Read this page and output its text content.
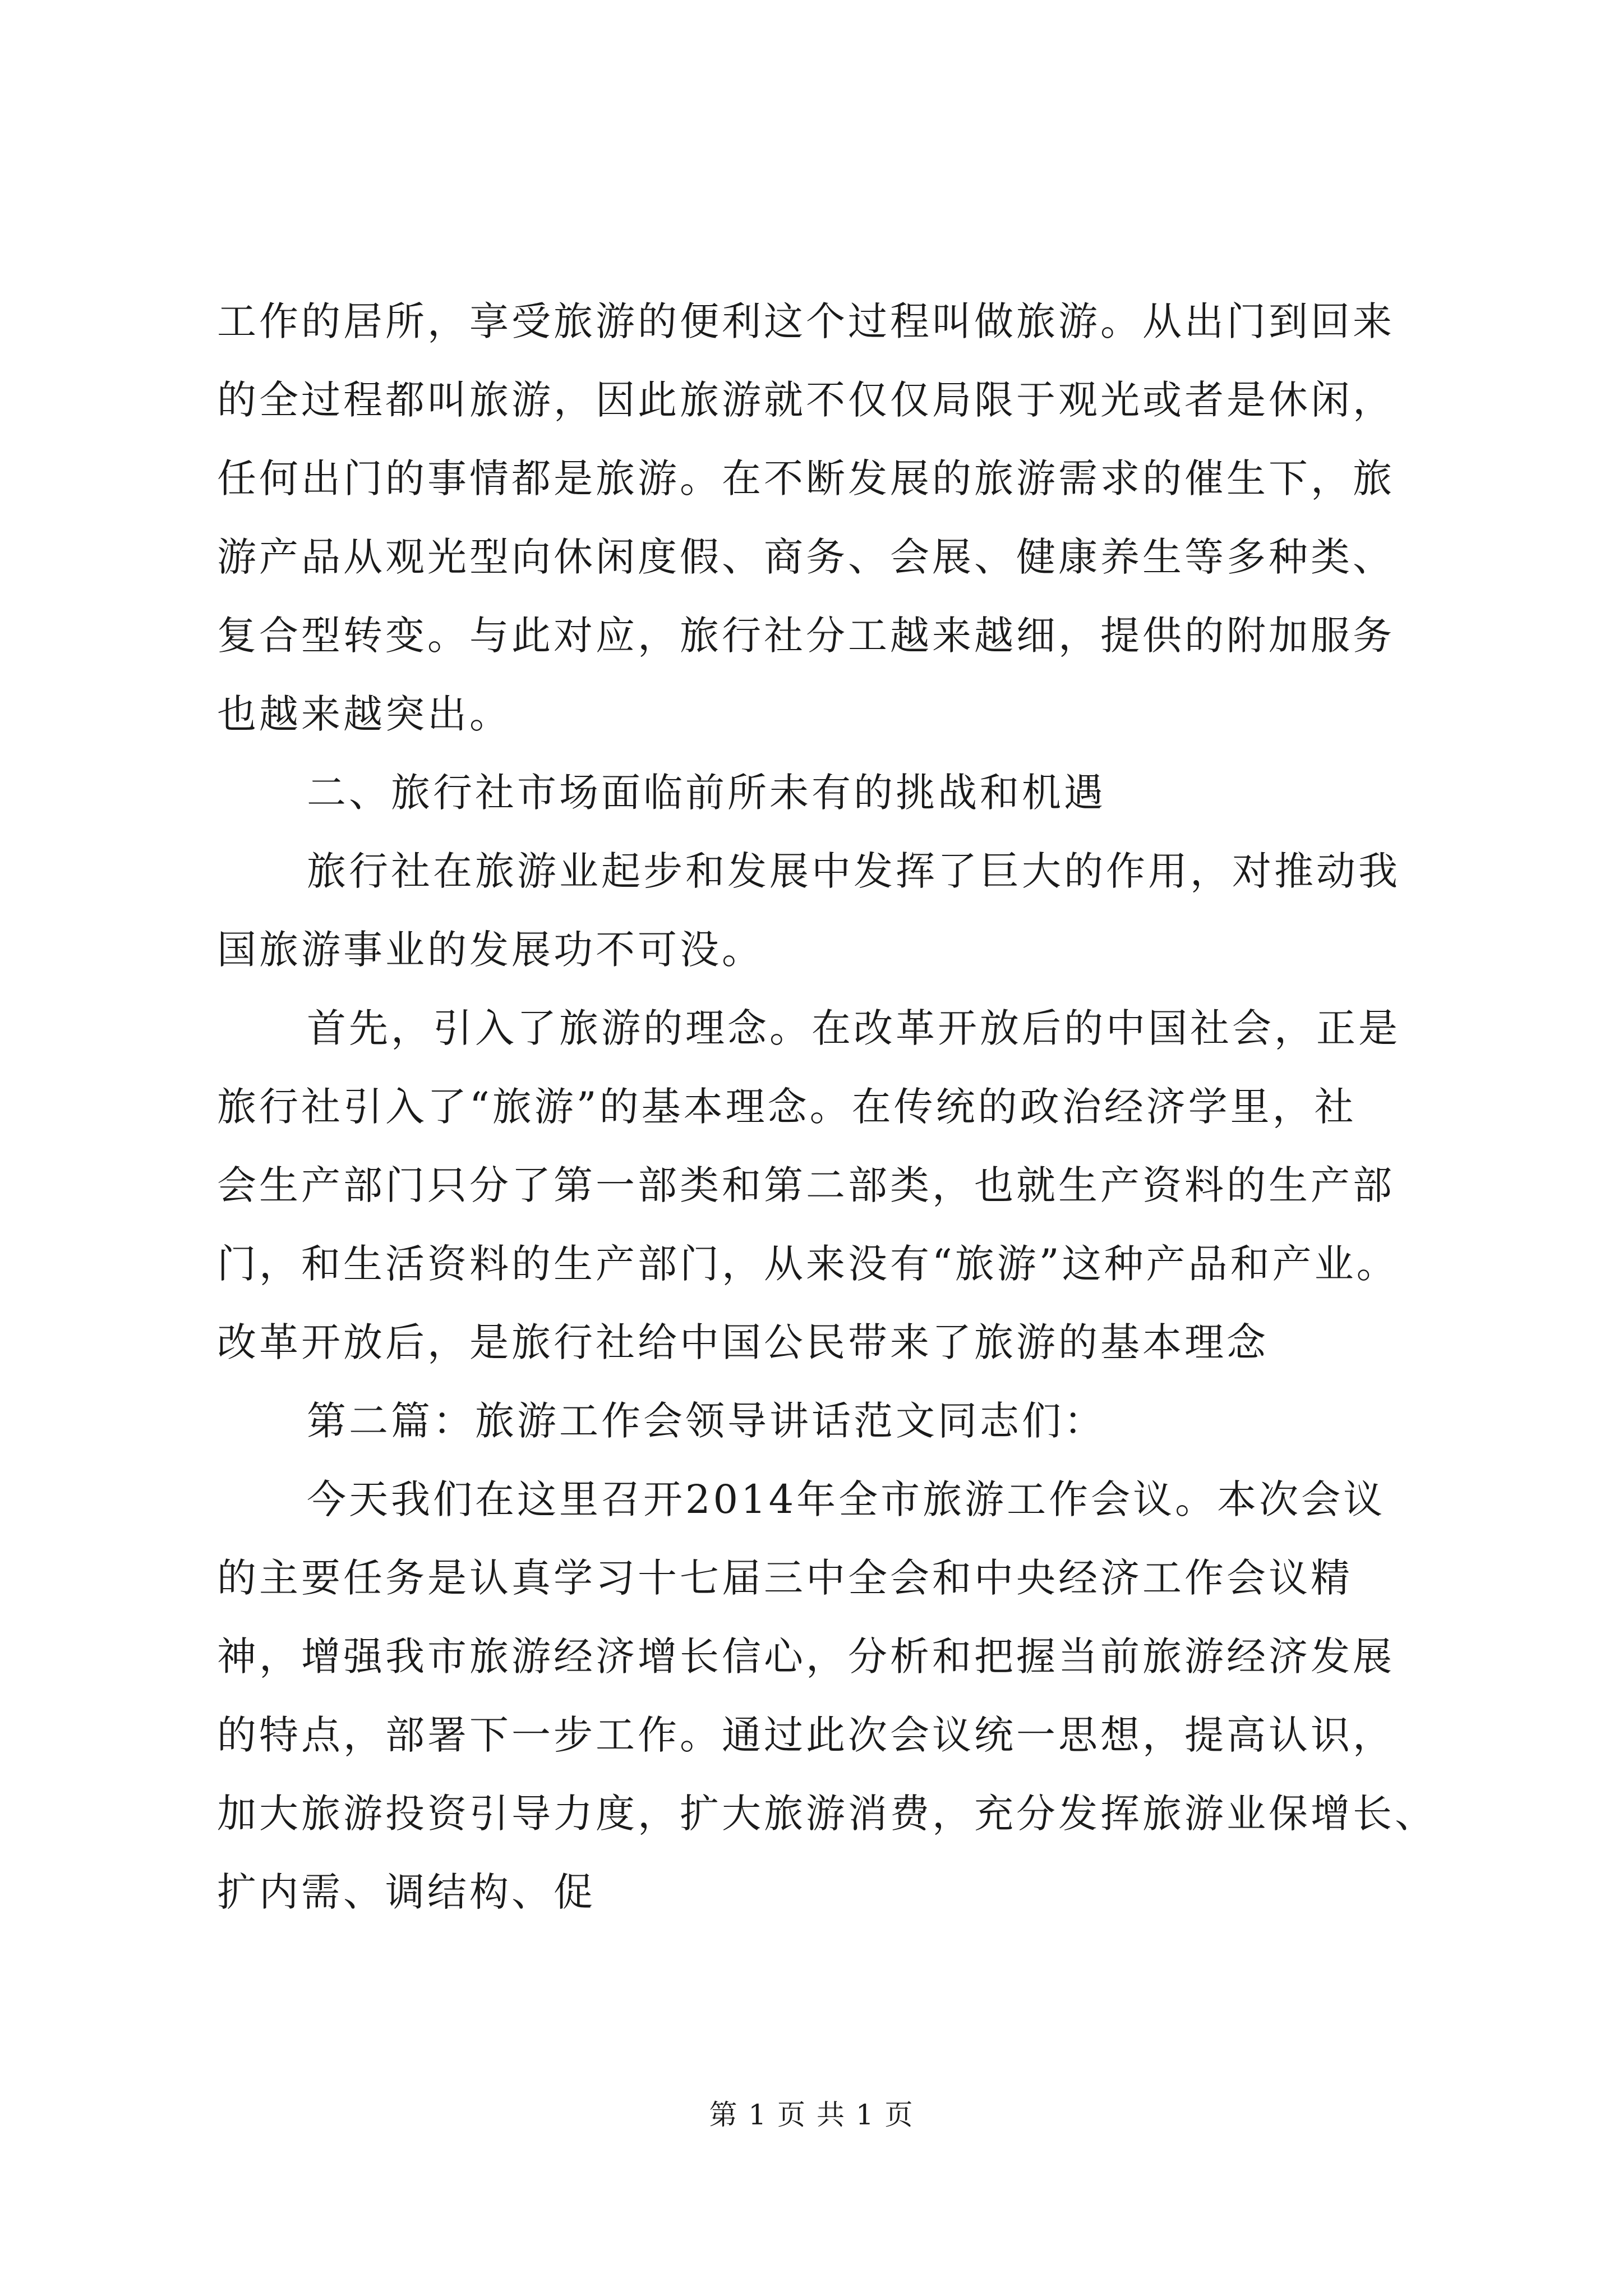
工作的居所，享受旅游的便利这个过程叫做旅游。从出门到回来
的全过程都叫旅游，因此旅游就不仅仅局限于观光或者是休闲，
任何出门的事情都是旅游。在不断发展的旅游需求的催生下，旅
游产品从观光型向休闲度假、商务、会展、健康养生等多种类、
复合型转变。与此对应，旅行社分工越来越细，提供的附加服务
也越来越突出。
二、旅行社市场面临前所未有的挑战和机遇
旅行社在旅游业起步和发展中发挥了巨大的作用，对推动我
国旅游事业的发展功不可没。
首先，引入了旅游的理念。在改革开放后的中国社会，正是
旅行社引入了“旅游”的基本理念。在传统的政治经济学里，社
会生产部门只分了第一部类和第二部类，也就生产资料的生产部
门，和生活资料的生产部门，从来没有“旅游”这种产品和产业。
改革开放后，是旅行社给中国公民带来了旅游的基本理念
第二篇：旅游工作会领导讲话范文同志们：
今天我们在这里召开2014年全市旅游工作会议。本次会议
的主要任务是认真学习十七届三中全会和中央经济工作会议精
神，增强我市旅游经济增长信心，分析和把握当前旅游经济发展
的特点，部署下一步工作。通过此次会议统一思想，提高认识，
加大旅游投资引导力度，扩大旅游消费，充分发挥旅游业保增长、
扩内需、调结构、促
第 1 页 共 1 页
